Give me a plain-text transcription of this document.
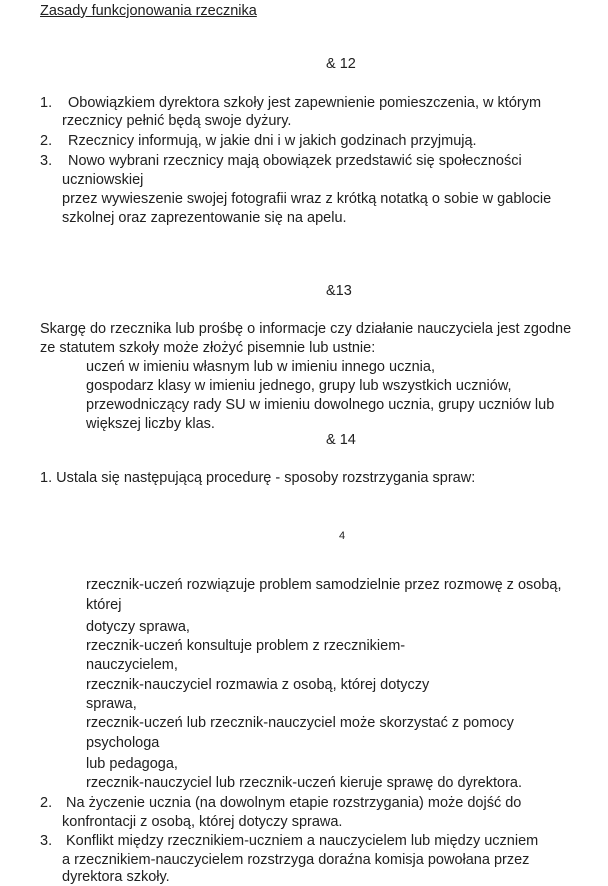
Zasady funkcjonowania rzecznika
& 12
1. Obowiązkiem dyrektora szkoły jest zapewnienie pomieszczenia, w którym
rzecznicy pełnić będą swoje dyżury.
2. Rzecznicy informują, w jakie dni i w jakich godzinach przyjmują.
3. Nowo wybrani rzecznicy mają obowiązek przedstawić się społeczności
uczniowskiej
przez wywieszenie swojej fotografii wraz z krótką notatką o sobie w gablocie
szkolnej oraz zaprezentowanie się na apelu.
&13
Skargę do rzecznika lub prośbę o informacje czy działanie nauczyciela jest zgodne
ze statutem szkoły może złożyć pisemnie lub ustnie:
uczeń w imieniu własnym lub w imieniu innego ucznia,
gospodarz klasy w imieniu jednego, grupy lub wszystkich uczniów,
przewodniczący rady SU w imieniu dowolnego ucznia, grupy uczniów lub
większej liczby klas.
& 14
1. Ustala się następującą procedurę - sposoby rozstrzygania spraw:
4
rzecznik-uczeń rozwiązuje problem samodzielnie przez rozmowę z osobą,
której
dotyczy sprawa,
rzecznik-uczeń konsultuje problem z rzecznikiem-
nauczycielem,
rzecznik-nauczyciel rozmawia z osobą, której dotyczy
sprawa,
rzecznik-uczeń lub rzecznik-nauczyciel może skorzystać z pomocy
psychologa
lub pedagoga,
rzecznik-nauczyciel lub rzecznik-uczeń kieruje sprawę do dyrektora.
2. Na życzenie ucznia (na dowolnym etapie rozstrzygania) może dojść do
konfrontacji z osobą, której dotyczy sprawa.
3. Konflikt między rzecznikiem-uczniem a nauczycielem lub między uczniem
a rzecznikiem-nauczycielem rozstrzyga doraźna komisja powołana przez
dyrektora szkoły.
